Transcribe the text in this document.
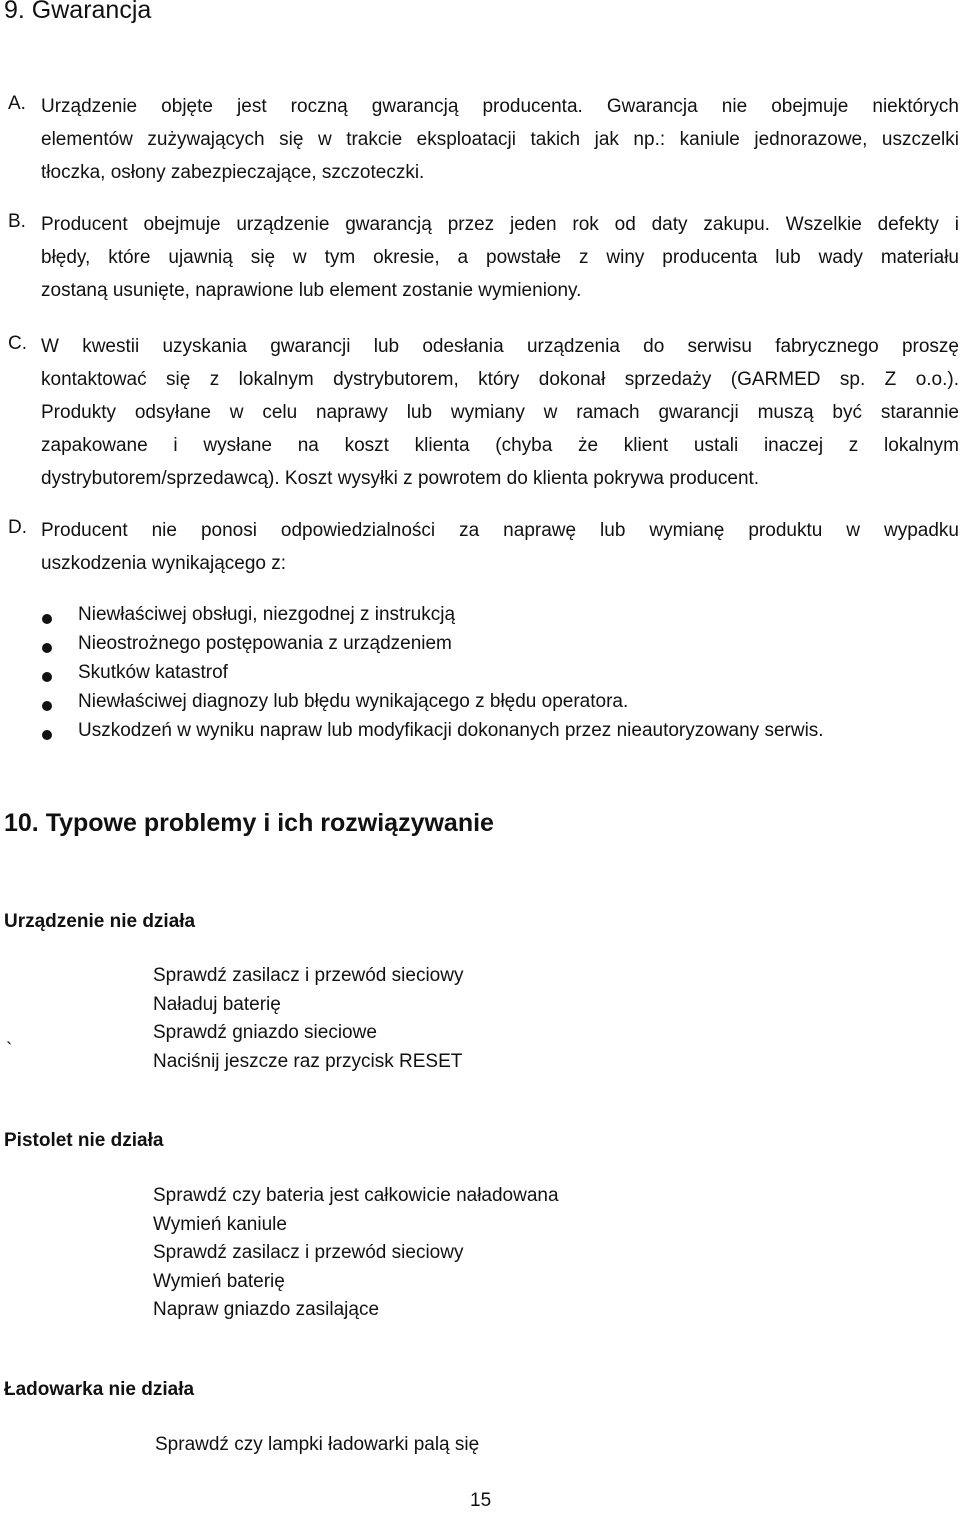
9. Gwarancja
A. Urządzenie objęte jest roczną gwarancją producenta. Gwarancja nie obejmuje niektórych
elementów zużywających się w trakcie eksploatacji takich jak np.: kaniule jednorazowe, uszczelki
tłoczka, osłony zabezpieczające, szczoteczki.
B. Producent obejmuje urządzenie gwarancją przez jeden rok od daty zakupu. Wszelkie defekty i
błędy, które ujawnią się w tym okresie, a powstałe z winy producenta lub wady materiału
zostaną usunięte, naprawione lub element zostanie wymieniony.
C. W kwestii uzyskania gwarancji lub odesłania urządzenia do serwisu fabrycznego proszę
kontaktować się z lokalnym dystrybutorem, który dokonał sprzedaży (GARMED sp. Z o.o.).
Produkty odsyłane w celu naprawy lub wymiany w ramach gwarancji muszą być starannie
zapakowane i wysłane na koszt klienta (chyba że klient ustali inaczej z lokalnym
dystrybutorem/sprzedawcą). Koszt wysyłki z powrotem do klienta pokrywa producent.
D. Producent nie ponosi odpowiedzialności za naprawę lub wymianę produktu w wypadku
uszkodzenia wynikającego z:
Niewłaściwej obsługi, niezgodnej z instrukcją
Nieostrożnego postępowania z urządzeniem
Skutków katastrof
Niewłaściwej diagnozy lub błędu wynikającego z błędu operatora.
Uszkodzeń w wyniku napraw lub modyfikacji dokonanych przez nieautoryzowany serwis.
10. Typowe problemy i ich rozwiązywanie
Urządzenie nie działa
Sprawdź zasilacz i przewód sieciowy
Naładuj baterię
Sprawdź gniazdo sieciowe
Naciśnij jeszcze raz przycisk RESET
`
Pistolet nie działa
Sprawdź czy bateria jest całkowicie naładowana
Wymień kaniule
Sprawdź zasilacz i przewód sieciowy
Wymień baterię
Napraw gniazdo zasilające
Ładowarka nie działa
Sprawdź czy lampki ładowarki palą się
15
